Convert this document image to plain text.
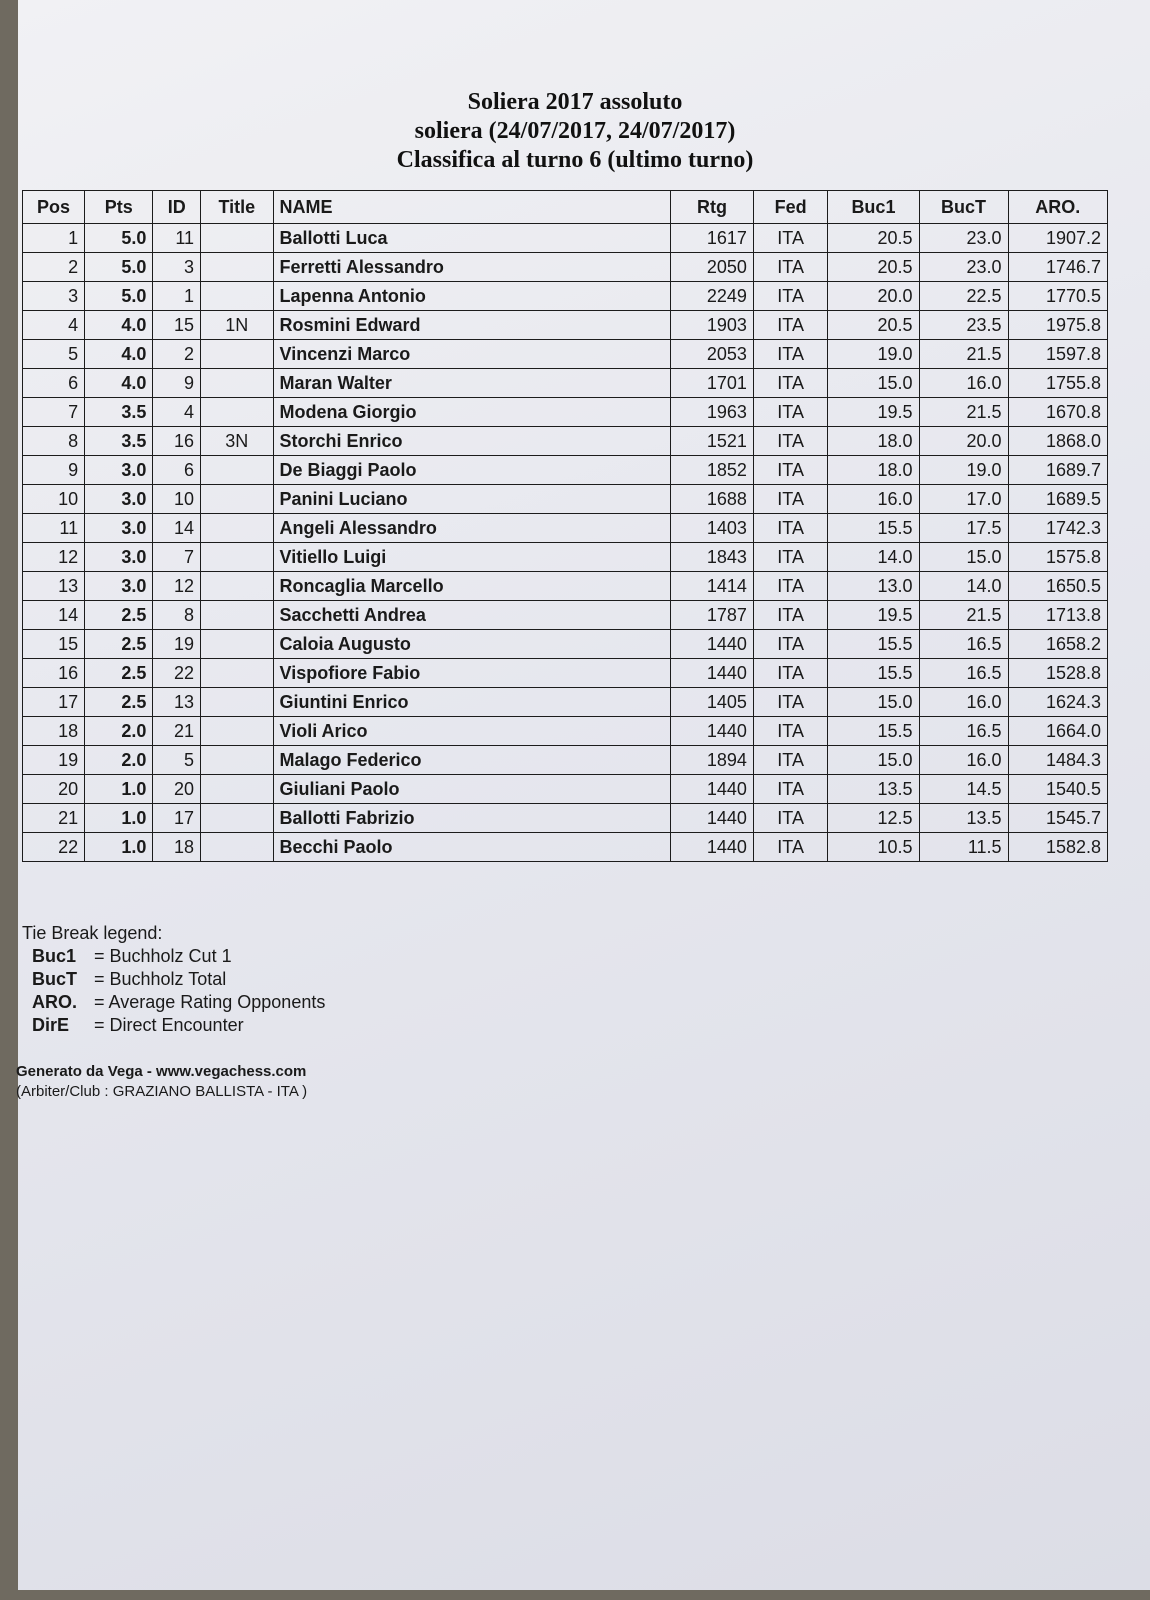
Soliera 2017 assoluto
soliera (24/07/2017, 24/07/2017)
Classifica al turno 6 (ultimo turno)
Pos	Pts	ID	Title	NAME	Rtg	Fed	Buc1	BucT	ARO.
1	5.0	11		Ballotti Luca	1617	ITA	20.5	23.0	1907.2
2	5.0	3		Ferretti Alessandro	2050	ITA	20.5	23.0	1746.7
3	5.0	1		Lapenna Antonio	2249	ITA	20.0	22.5	1770.5
4	4.0	15	1N	Rosmini Edward	1903	ITA	20.5	23.5	1975.8
5	4.0	2		Vincenzi Marco	2053	ITA	19.0	21.5	1597.8
6	4.0	9		Maran Walter	1701	ITA	15.0	16.0	1755.8
7	3.5	4		Modena Giorgio	1963	ITA	19.5	21.5	1670.8
8	3.5	16	3N	Storchi Enrico	1521	ITA	18.0	20.0	1868.0
9	3.0	6		De Biaggi Paolo	1852	ITA	18.0	19.0	1689.7
10	3.0	10		Panini Luciano	1688	ITA	16.0	17.0	1689.5
11	3.0	14		Angeli Alessandro	1403	ITA	15.5	17.5	1742.3
12	3.0	7		Vitiello Luigi	1843	ITA	14.0	15.0	1575.8
13	3.0	12		Roncaglia Marcello	1414	ITA	13.0	14.0	1650.5
14	2.5	8		Sacchetti Andrea	1787	ITA	19.5	21.5	1713.8
15	2.5	19		Caloia Augusto	1440	ITA	15.5	16.5	1658.2
16	2.5	22		Vispofiore Fabio	1440	ITA	15.5	16.5	1528.8
17	2.5	13		Giuntini Enrico	1405	ITA	15.0	16.0	1624.3
18	2.0	21		Violi Arico	1440	ITA	15.5	16.5	1664.0
19	2.0	5		Malago Federico	1894	ITA	15.0	16.0	1484.3
20	1.0	20		Giuliani Paolo	1440	ITA	13.5	14.5	1540.5
21	1.0	17		Ballotti Fabrizio	1440	ITA	12.5	13.5	1545.7
22	1.0	18		Becchi Paolo	1440	ITA	10.5	11.5	1582.8
Tie Break legend:
Buc1 = Buchholz Cut 1
BucT = Buchholz Total
ARO. = Average Rating Opponents
DirE = Direct Encounter
Generato da Vega - www.vegachess.com
(Arbiter/Club : GRAZIANO BALLISTA - ITA )
